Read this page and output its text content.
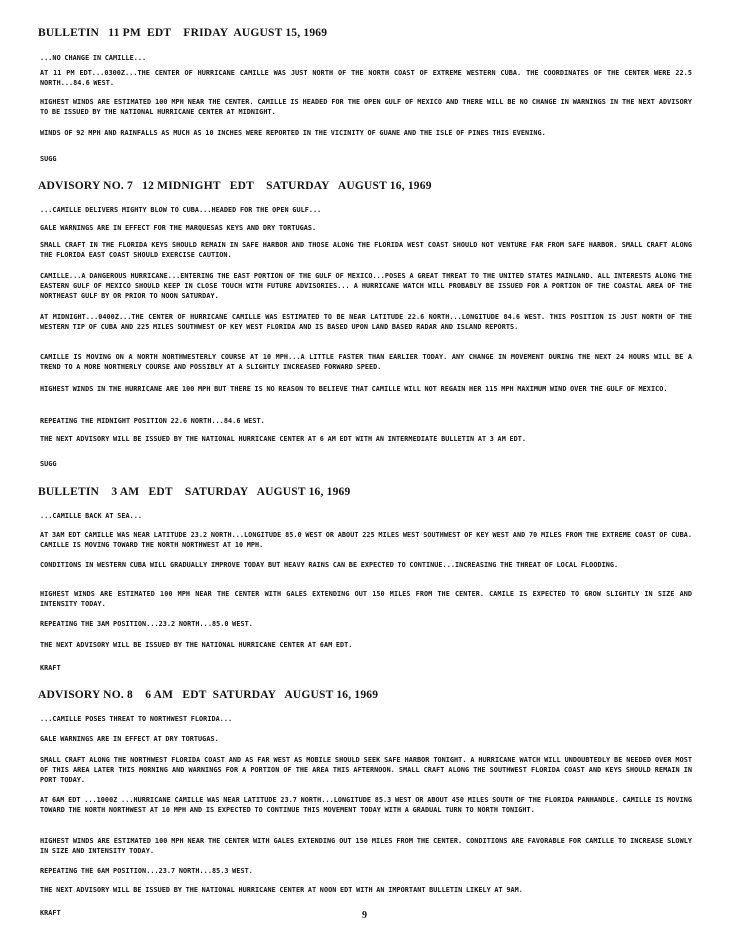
BULLETIN   11 PM  EDT    FRIDAY  AUGUST 15, 1969

...NO CHANGE IN CAMILLE...

AT 11 PM EDT...0300Z...THE CENTER OF HURRICANE CAMILLE WAS JUST NORTH OF THE NORTH COAST OF EXTREME WESTERN CUBA. THE COORDINATES OF THE CENTER WERE 22.5 NORTH...84.6 WEST.

HIGHEST WINDS ARE ESTIMATED 100 MPH NEAR THE CENTER. CAMILLE IS HEADED FOR THE OPEN GULF OF MEXICO AND THERE WILL BE NO CHANGE IN WARNINGS IN THE NEXT ADVISORY TO BE ISSUED BY THE NATIONAL HURRICANE CENTER AT MIDNIGHT.

WINDS OF 92 MPH AND RAINFALLS AS MUCH AS 10 INCHES WERE REPORTED IN THE VICINITY OF GUANE AND THE ISLE OF PINES THIS EVENING.

SUGG

ADVISORY NO. 7   12 MIDNIGHT   EDT    SATURDAY   AUGUST 16, 1969

...CAMILLE DELIVERS MIGHTY BLOW TO CUBA...HEADED FOR THE OPEN GULF...

GALE WARNINGS ARE IN EFFECT FOR THE MARQUESAS KEYS AND DRY TORTUGAS.

SMALL CRAFT IN THE FLORIDA KEYS SHOULD REMAIN IN SAFE HARBOR AND THOSE ALONG THE FLORIDA WEST COAST SHOULD NOT VENTURE FAR FROM SAFE HARBOR. SMALL CRAFT ALONG THE FLORIDA EAST COAST SHOULD EXERCISE CAUTION.

CAMILLE...A DANGEROUS HURRICANE...ENTERING THE EAST PORTION OF THE GULF OF MEXICO...POSES A GREAT THREAT TO THE UNITED STATES MAINLAND. ALL INTERESTS ALONG THE EASTERN GULF OF MEXICO SHOULD KEEP IN CLOSE TOUCH WITH FUTURE ADVISORIES... A HURRICANE WATCH WILL PROBABLY BE ISSUED FOR A PORTION OF THE COASTAL AREA OF THE NORTHEAST GULF BY OR PRIOR TO NOON SATURDAY.

AT MIDNIGHT...0400Z...THE CENTER OF HURRICANE CAMILLE WAS ESTIMATED TO BE NEAR LATITUDE 22.6 NORTH...LONGITUDE 84.6 WEST. THIS POSITION IS JUST NORTH OF THE WESTERN TIP OF CUBA AND 225 MILES SOUTHWEST OF KEY WEST FLORIDA AND IS BASED UPON LAND BASED RADAR AND ISLAND REPORTS.

CAMILLE IS MOVING ON A NORTH NORTHWESTERLY COURSE AT 10 MPH...A LITTLE FASTER THAN EARLIER TODAY. ANY CHANGE IN MOVEMENT DURING THE NEXT 24 HOURS WILL BE A TREND TO A MORE NORTHERLY COURSE AND POSSIBLY AT A SLIGHTLY INCREASED FORWARD SPEED.

HIGHEST WINDS IN THE HURRICANE ARE 100 MPH BUT THERE IS NO REASON TO BELIEVE THAT CAMILLE WILL NOT REGAIN HER 115 MPH MAXIMUM WIND OVER THE GULF OF MEXICO.

REPEATING THE MIDNIGHT POSITION 22.6 NORTH...84.6 WEST.

THE NEXT ADVISORY WILL BE ISSUED BY THE NATIONAL HURRICANE CENTER AT 6 AM EDT WITH AN INTERMEDIATE BULLETIN AT 3 AM EDT.

SUGG

BULLETIN    3 AM   EDT    SATURDAY   AUGUST 16, 1969

...CAMILLE BACK AT SEA...

AT 3AM EDT CAMILLE WAS NEAR LATITUDE 23.2 NORTH...LONGITUDE 85.0 WEST OR ABOUT 225 MILES WEST SOUTHWEST OF KEY WEST AND 70 MILES FROM THE EXTREME COAST OF CUBA. CAMILLE IS MOVING TOWARD THE NORTH NORTHWEST AT 10 MPH.

CONDITIONS IN WESTERN CUBA WILL GRADUALLY IMPROVE TODAY BUT HEAVY RAINS CAN BE EXPECTED TO CONTINUE...INCREASING THE THREAT OF LOCAL FLOODING.

HIGHEST WINDS ARE ESTIMATED 100 MPH NEAR THE CENTER WITH GALES EXTENDING OUT 150 MILES FROM THE CENTER. CAMILE IS EXPECTED TO GROW SLIGHTLY IN SIZE AND INTENSITY TODAY.

REPEATING THE 3AM POSITION...23.2 NORTH...85.0 WEST.

THE NEXT ADVISORY WILL BE ISSUED BY THE NATIONAL HURRICANE CENTER AT 6AM EDT.

KRAFT

ADVISORY NO. 8    6 AM   EDT  SATURDAY   AUGUST 16, 1969

...CAMILLE POSES THREAT TO NORTHWEST FLORIDA...

GALE WARNINGS ARE IN EFFECT AT DRY TORTUGAS.

SMALL CRAFT ALONG THE NORTHWEST FLORIDA COAST AND AS FAR WEST AS MOBILE SHOULD SEEK SAFE HARBOR TONIGHT. A HURRICANE WATCH WILL UNDOUBTEDLY BE NEEDED OVER MOST OF THIS AREA LATER THIS MORNING AND WARNINGS FOR A PORTION OF THE AREA THIS AFTERNOON. SMALL CRAFT ALONG THE SOUTHWEST FLORIDA COAST AND KEYS SHOULD REMAIN IN PORT TODAY.

AT 6AM EDT ...1000Z ...HURRICANE CAMILLE WAS NEAR LATITUDE 23.7 NORTH...LONGITUDE 85.3 WEST OR ABOUT 450 MILES SOUTH OF THE FLORIDA PANHANDLE. CAMILLE IS MOVING TOWARD THE NORTH NORTHWEST AT 10 MPH AND IS EXPECTED TO CONTINUE THIS MOVEMENT TODAY WITH A GRADUAL TURN TO NORTH TONIGHT.

HIGHEST WINDS ARE ESTIMATED 100 MPH NEAR THE CENTER WITH GALES EXTENDING OUT 150 MILES FROM THE CENTER. CONDITIONS ARE FAVORABLE FOR CAMILLE TO INCREASE SLOWLY IN SIZE AND INTENSITY TODAY.

REPEATING THE 6AM POSITION...23.7 NORTH...85.3 WEST.

THE NEXT ADVISORY WILL BE ISSUED BY THE NATIONAL HURRICANE CENTER AT NOON EDT WITH AN IMPORTANT BULLETIN LIKELY AT 9AM.

KRAFT	9
